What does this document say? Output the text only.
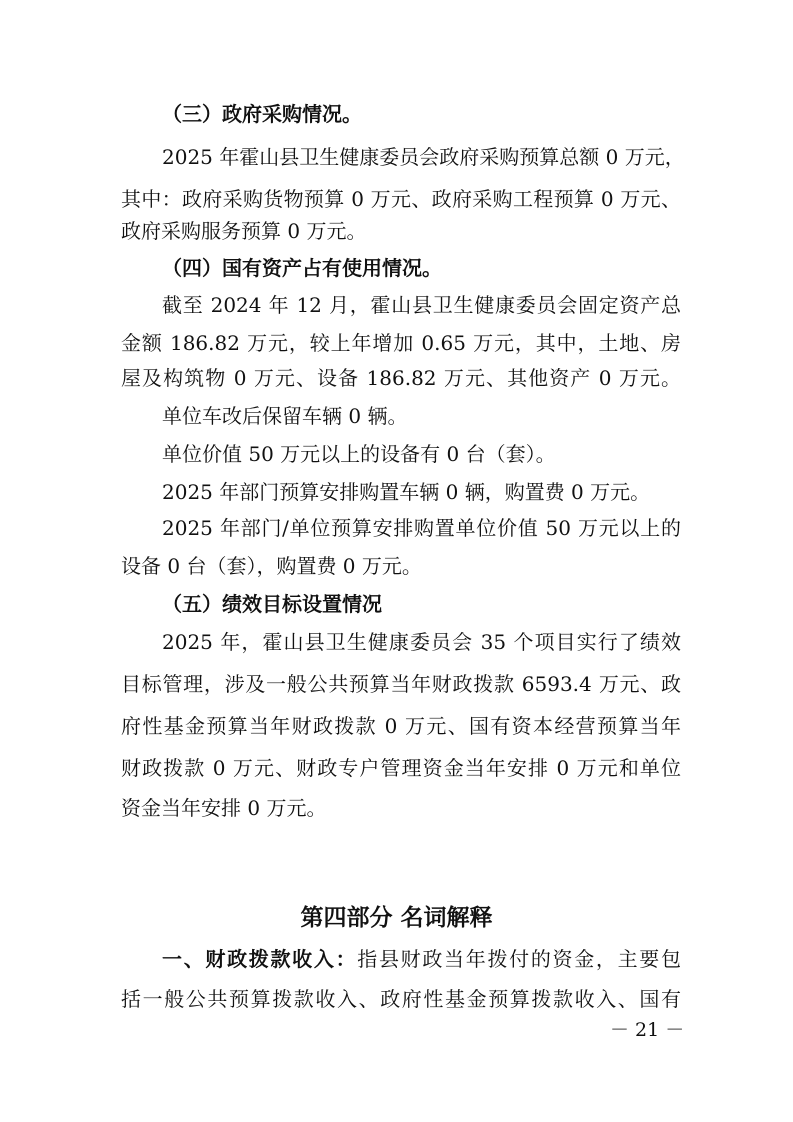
（三）政府采购情况。
2025 年霍山县卫生健康委员会政府采购预算总额 0 万元，
其中：政府采购货物预算 0 万元、政府采购工程预算 0 万元、
政府采购服务预算 0 万元。
（四）国有资产占有使用情况。
截至 2024 年 12 月，霍山县卫生健康委员会固定资产总
金额 186.82 万元，较上年增加 0.65 万元，其中，土地、房
屋及构筑物 0 万元、设备 186.82 万元、其他资产 0 万元。
单位车改后保留车辆 0 辆。
单位价值 50 万元以上的设备有 0 台（套）。
2025 年部门预算安排购置车辆 0 辆，购置费 0 万元。
2025 年部门/单位预算安排购置单位价值 50 万元以上的
设备 0 台（套），购置费 0 万元。
（五）绩效目标设置情况
2025 年，霍山县卫生健康委员会 35 个项目实行了绩效
目标管理，涉及一般公共预算当年财政拨款 6593.4 万元、政
府性基金预算当年财政拨款 0 万元、国有资本经营预算当年
财政拨款 0 万元、财政专户管理资金当年安排 0 万元和单位
资金当年安排 0 万元。
第四部分 名词解释
一、财政拨款收入：指县财政当年拨付的资金，主要包
括一般公共预算拨款收入、政府性基金预算拨款收入、国有
－ 21 －
